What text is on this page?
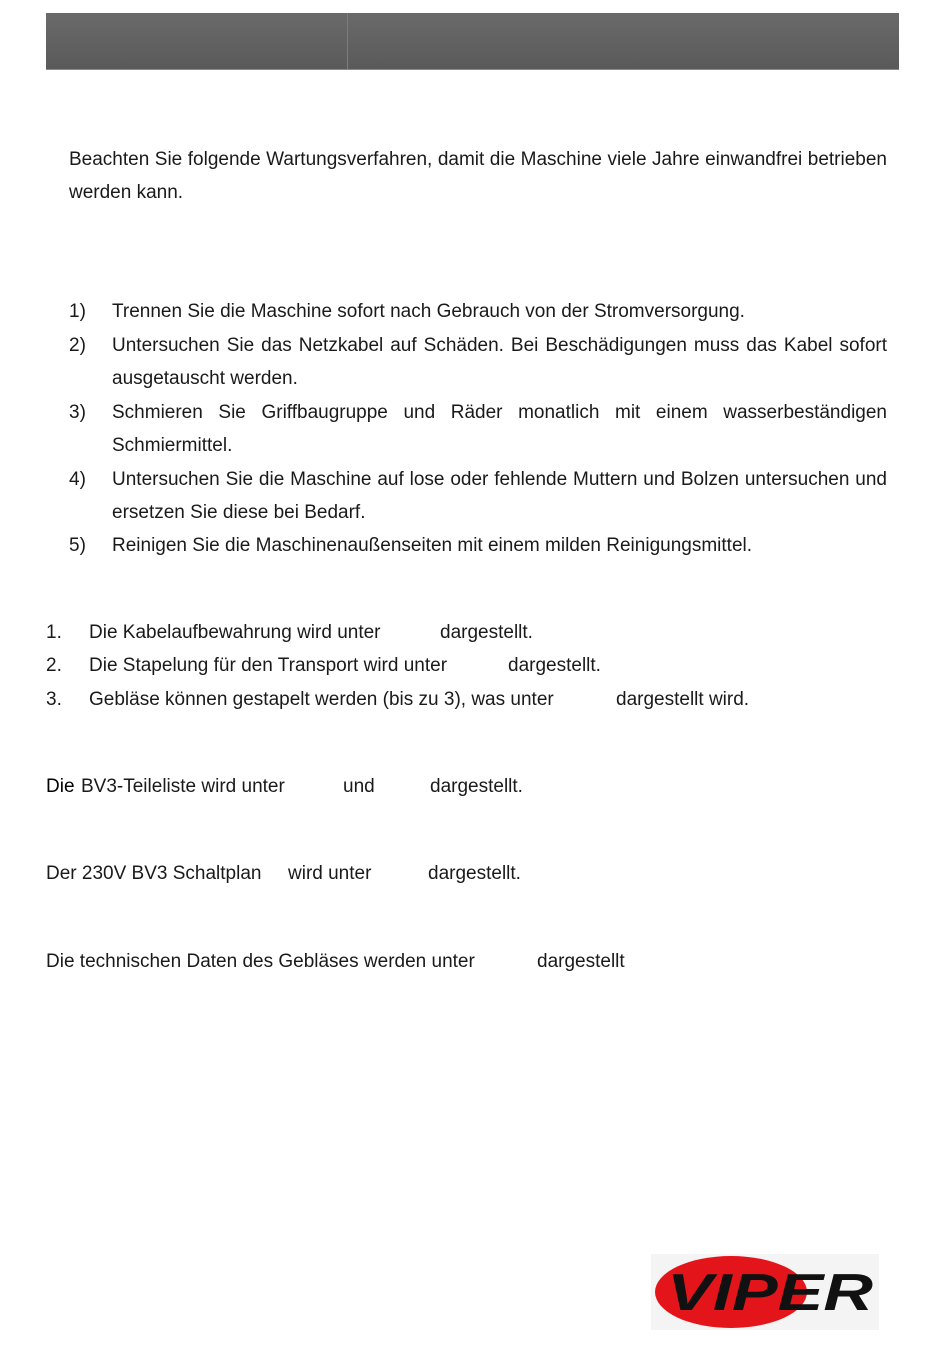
Beachten Sie folgende Wartungsverfahren, damit die Maschine viele Jahre einwandfrei betrieben werden kann.
1)	Trennen Sie die Maschine sofort nach Gebrauch von der Stromversorgung.
2)	Untersuchen Sie das Netzkabel auf Schäden. Bei Beschädigungen muss das Kabel sofort ausgetauscht werden.
3)	Schmieren Sie Griffbaugruppe und Räder monatlich mit einem wasserbeständigen Schmiermittel.
4)	Untersuchen Sie die Maschine auf lose oder fehlende Muttern und Bolzen untersuchen und ersetzen Sie diese bei Bedarf.
5)	Reinigen Sie die Maschinenaußenseiten mit einem milden Reinigungsmittel.
1. Die Kabelaufbewahrung wird unter	dargestellt.
2. Die Stapelung für den Transport wird unter	dargestellt.
3. Gebläse können gestapelt werden (bis zu 3), was unter	dargestellt wird.
Die BV3-Teileliste wird unter	und	dargestellt.
Der 230V BV3 Schaltplan wird unter	dargestellt.
Die technischen Daten des Gebläses werden unter	dargestellt
VIPER
